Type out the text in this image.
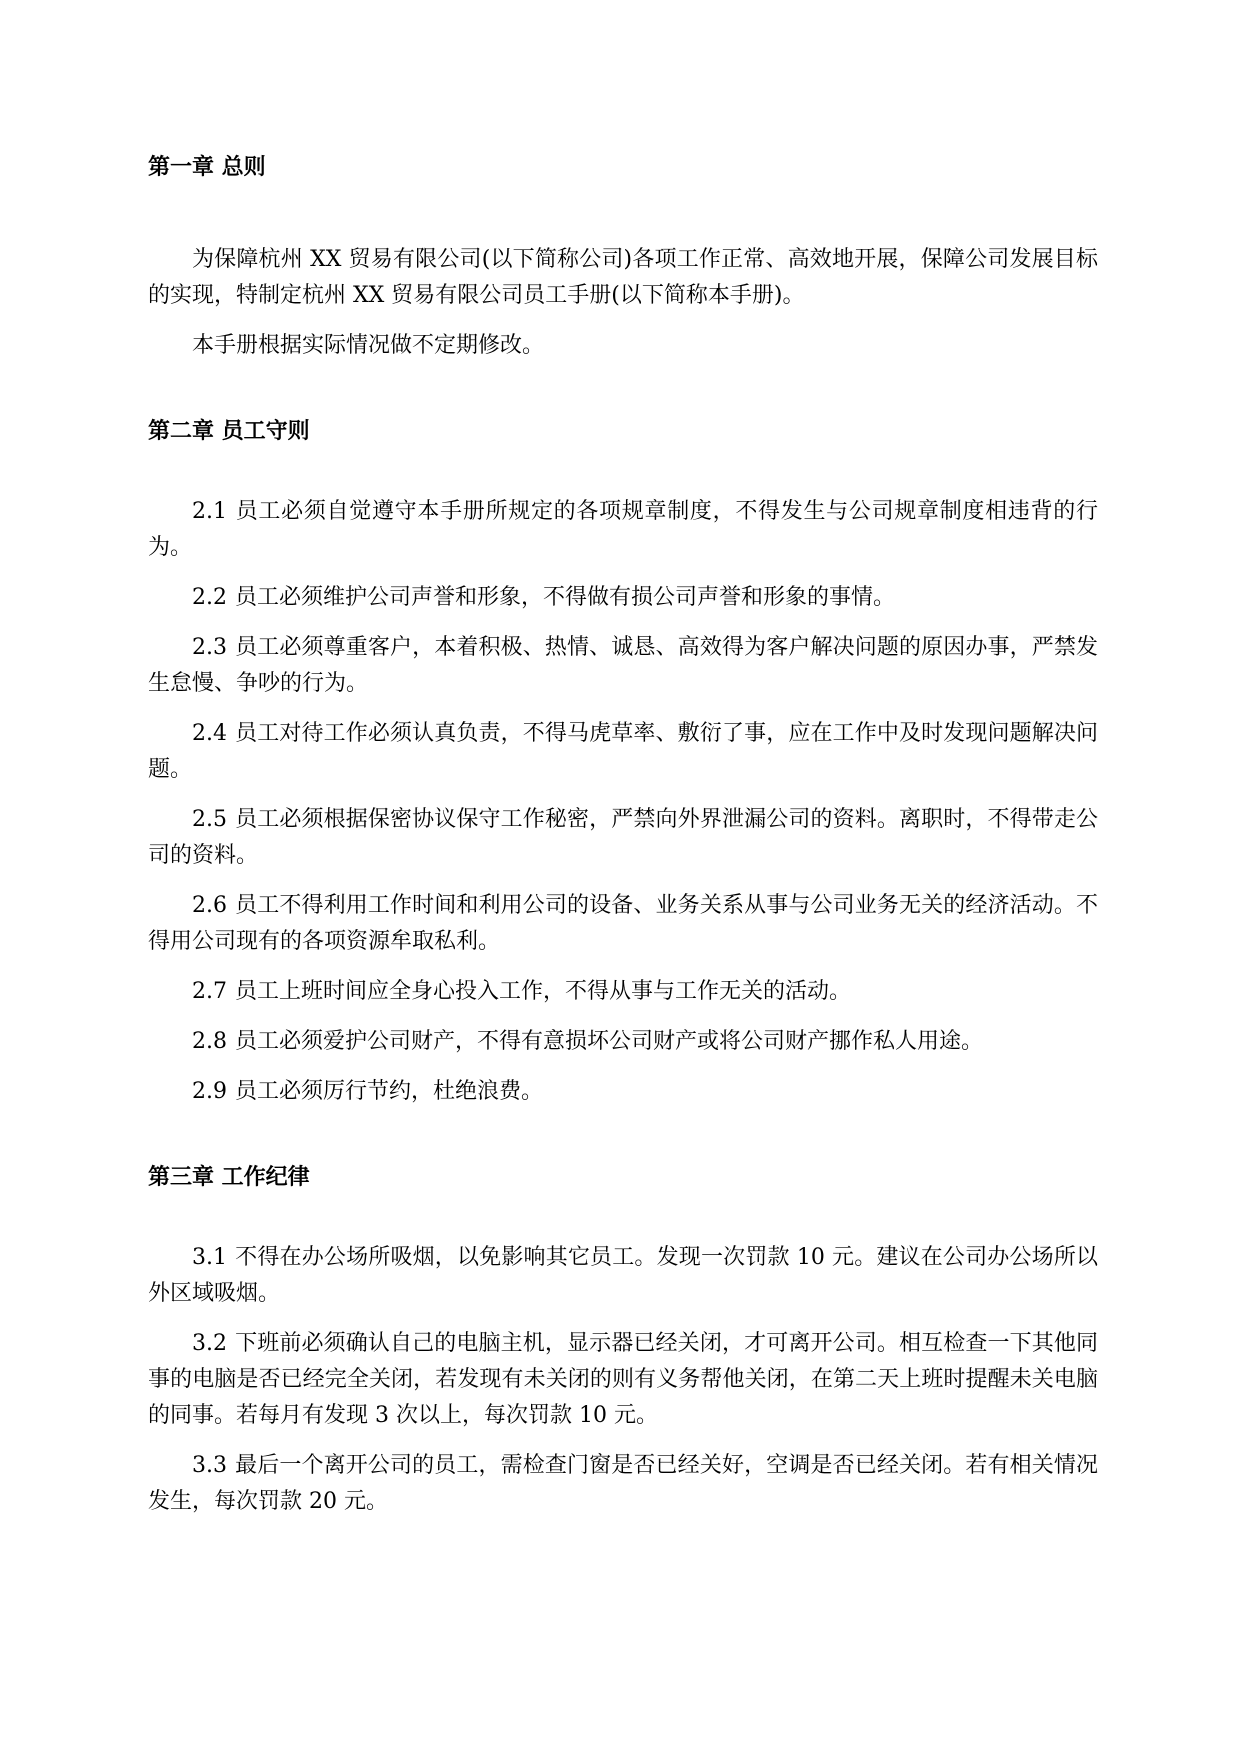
第一章 总则

为保障杭州 XX 贸易有限公司(以下简称公司)各项工作正常、高效地开展，保障公司发展目标的实现，特制定杭州 XX 贸易有限公司员工手册(以下简称本手册)。

本手册根据实际情况做不定期修改。

第二章 员工守则

2.1 员工必须自觉遵守本手册所规定的各项规章制度，不得发生与公司规章制度相违背的行为。

2.2 员工必须维护公司声誉和形象，不得做有损公司声誉和形象的事情。

2.3 员工必须尊重客户，本着积极、热情、诚恳、高效得为客户解决问题的原因办事，严禁发生怠慢、争吵的行为。

2.4 员工对待工作必须认真负责，不得马虎草率、敷衍了事，应在工作中及时发现问题解决问题。

2.5 员工必须根据保密协议保守工作秘密，严禁向外界泄漏公司的资料。离职时，不得带走公司的资料。

2.6 员工不得利用工作时间和利用公司的设备、业务关系从事与公司业务无关的经济活动。不得用公司现有的各项资源牟取私利。

2.7 员工上班时间应全身心投入工作，不得从事与工作无关的活动。

2.8 员工必须爱护公司财产，不得有意损坏公司财产或将公司财产挪作私人用途。

2.9 员工必须厉行节约，杜绝浪费。

第三章 工作纪律

3.1 不得在办公场所吸烟，以免影响其它员工。发现一次罚款 10 元。建议在公司办公场所以外区域吸烟。

3.2 下班前必须确认自己的电脑主机，显示器已经关闭，才可离开公司。相互检查一下其他同事的电脑是否已经完全关闭，若发现有未关闭的则有义务帮他关闭，在第二天上班时提醒未关电脑的同事。若每月有发现 3 次以上，每次罚款 10 元。

3.3 最后一个离开公司的员工，需检查门窗是否已经关好，空调是否已经关闭。若有相关情况发生，每次罚款 20 元。
